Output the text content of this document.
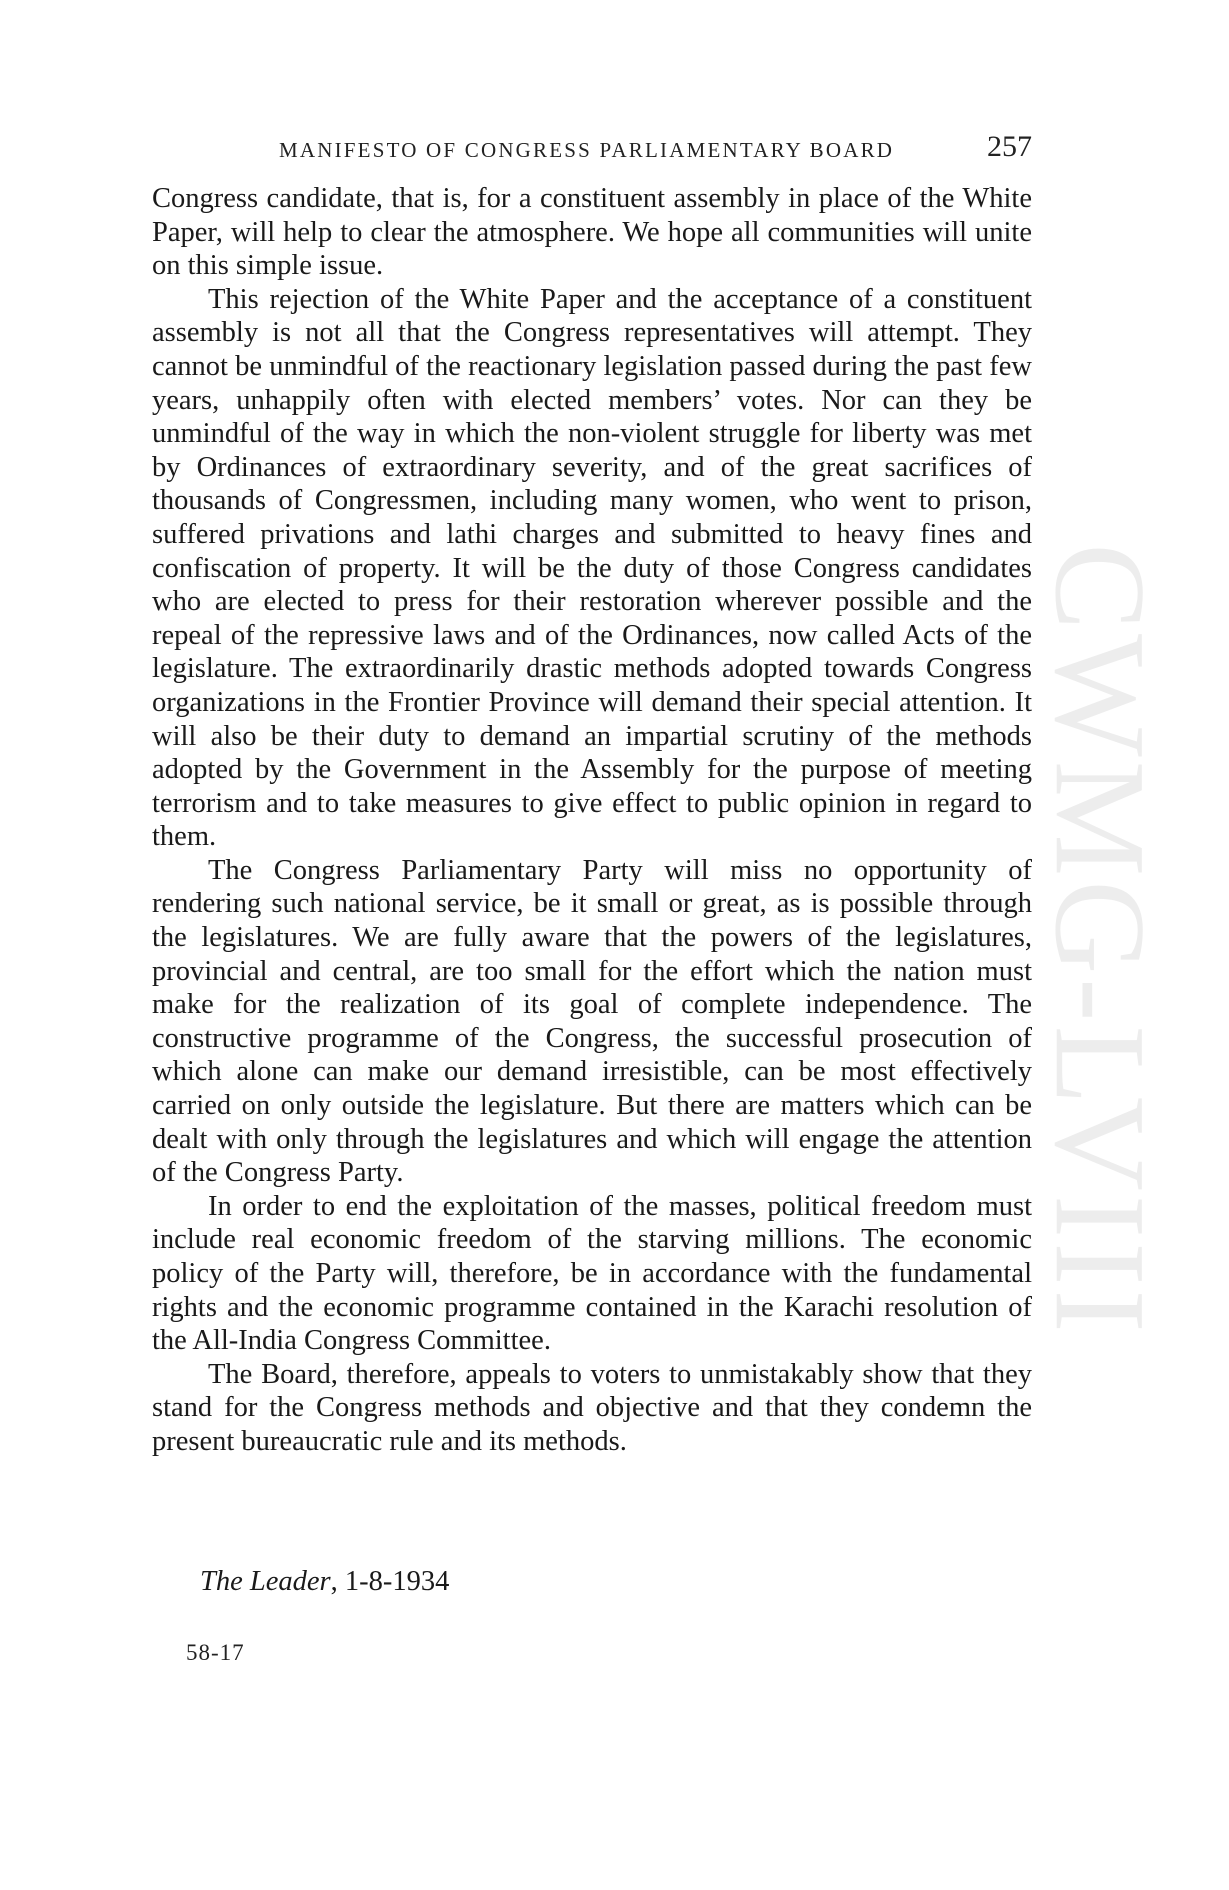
CWMG-LVIII
MANIFESTO OF CONGRESS PARLIAMENTARY BOARD	257

Congress candidate, that is, for a constituent assembly in place of the White Paper, will help to clear the atmosphere. We hope all communities will unite on this simple issue.

This rejection of the White Paper and the acceptance of a constituent assembly is not all that the Congress representatives will attempt. They cannot be unmindful of the reactionary legislation passed during the past few years, unhappily often with elected members’ votes. Nor can they be unmindful of the way in which the non-violent struggle for liberty was met by Ordinances of extraordinary severity, and of the great sacrifices of thousands of Congressmen, including many women, who went to prison, suffered privations and lathi charges and submitted to heavy fines and confiscation of property. It will be the duty of those Congress candidates who are elected to press for their restoration wherever possible and the repeal of the repressive laws and of the Ordinances, now called Acts of the legislature. The extraordinarily drastic methods adopted towards Congress organizations in the Frontier Province will demand their special attention. It will also be their duty to demand an impartial scrutiny of the methods adopted by the Government in the Assembly for the purpose of meeting terrorism and to take measures to give effect to public opinion in regard to them.

The Congress Parliamentary Party will miss no opportunity of rendering such national service, be it small or great, as is possible through the legislatures. We are fully aware that the powers of the legislatures, provincial and central, are too small for the effort which the nation must make for the realization of its goal of complete independence. The constructive programme of the Congress, the successful prosecution of which alone can make our demand irresistible, can be most effectively carried on only outside the legislature. But there are matters which can be dealt with only through the legislatures and which will engage the attention of the Congress Party.

In order to end the exploitation of the masses, political freedom must include real economic freedom of the starving millions. The economic policy of the Party will, therefore, be in accordance with the fundamental rights and the economic programme contained in the Karachi resolution of the All-India Congress Committee.

The Board, therefore, appeals to voters to unmistakably show that they stand for the Congress methods and objective and that they condemn the present bureaucratic rule and its methods.

The Leader, 1-8-1934
58-17
